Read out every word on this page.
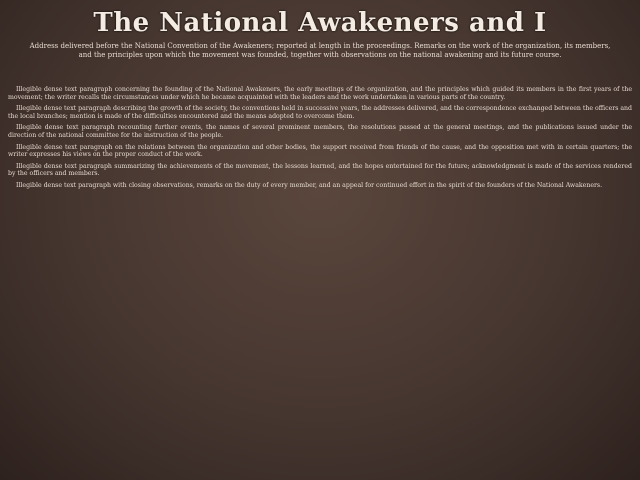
The National Awakeners and I
Address delivered before the National Convention of the Awakeners; reported at length in the proceedings. Remarks on the work of the organization, its members, and the principles upon which the movement was founded, together with observations on the national awakening and its future course.

Illegible dense text paragraph concerning the founding of the National Awakeners, the early meetings of the organization, and the principles which guided its members in the first years of the movement; the writer recalls the circumstances under which he became acquainted with the leaders and the work undertaken in various parts of the country.

Illegible dense text paragraph describing the growth of the society, the conventions held in successive years, the addresses delivered, and the correspondence exchanged between the officers and the local branches; mention is made of the difficulties encountered and the means adopted to overcome them.

Illegible dense text paragraph recounting further events, the names of several prominent members, the resolutions passed at the general meetings, and the publications issued under the direction of the national committee for the instruction of the people.

Illegible dense text paragraph on the relations between the organization and other bodies, the support received from friends of the cause, and the opposition met with in certain quarters; the writer expresses his views on the proper conduct of the work.

Illegible dense text paragraph summarizing the achievements of the movement, the lessons learned, and the hopes entertained for the future; acknowledgment is made of the services rendered by the officers and members.

Illegible dense text paragraph with closing observations, remarks on the duty of every member, and an appeal for continued effort in the spirit of the founders of the National Awakeners.
